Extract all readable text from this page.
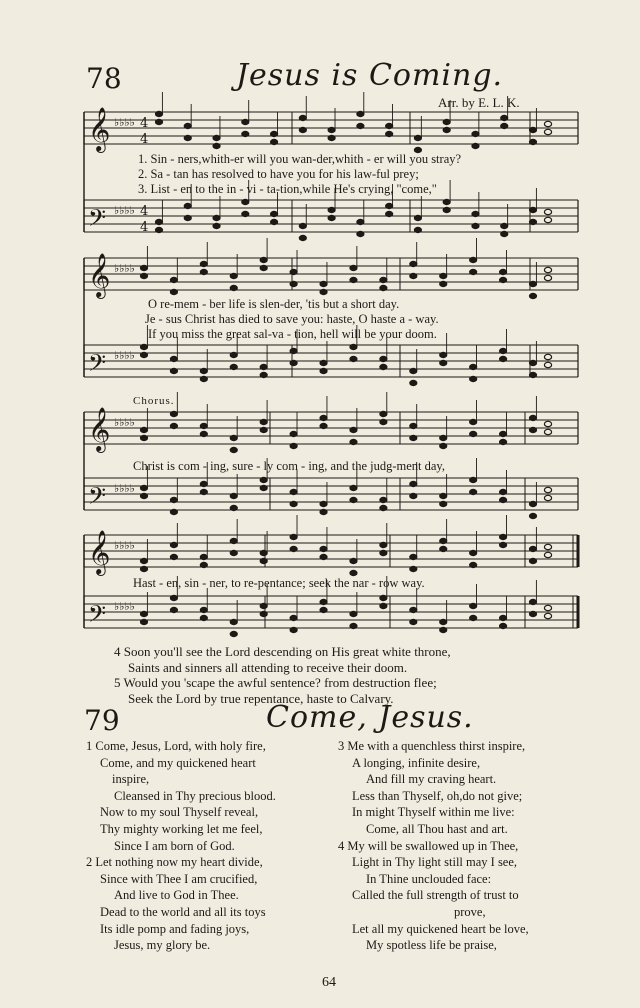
78	Jesus is Coming.
Arr. by E. L. K.
𝄞 ♭♭♭♭ 4
4
𝄢 ♭♭♭♭ 4
4
𝄞 ♭♭♭♭
𝄢 ♭♭♭♭
𝄞 ♭♭♭♭
𝄢 ♭♭♭♭
𝄞 ♭♭♭♭
𝄢 ♭♭♭♭
1. Sin - ners,whith-er will you wan-der,whith - er will you stray?
2. Sa - tan has resolved to have you for his law-ful prey;
3. List - en to the in - vi - ta-tion,while He's crying, "come,"
O re-mem - ber life is slen-der, 'tis but a short day.
Je - sus Christ has died to save you: haste, O haste a - way.
If you miss the great sal-va - tion, hell will be your doom.
Chorus.
Christ is com - ing, sure - ly com - ing, and the judg-ment day,
Hast - en, sin - ner, to re-pentance; seek the nar - row way.
4 Soon you'll see the Lord descending on His great white throne,
Saints and sinners all attending to receive their doom.
5 Would you 'scape the awful sentence? from destruction flee;
Seek the Lord by true repentance, haste to Calvary.
79	Come, Jesus.
1 Come, Jesus, Lord, with holy fire,
Come, and my quickened heart
inspire,
Cleansed in Thy precious blood.
Now to my soul Thyself reveal,
Thy mighty working let me feel,
Since I am born of God.
2 Let nothing now my heart divide,
Since with Thee I am crucified,
And live to God in Thee.
Dead to the world and all its toys
Its idle pomp and fading joys,
Jesus, my glory be.
3 Me with a quenchless thirst inspire,
A longing, infinite desire,
And fill my craving heart.
Less than Thyself, oh,do not give;
In might Thyself within me live:
Come, all Thou hast and art.
4 My will be swallowed up in Thee,
Light in Thy light still may I see,
In Thine unclouded face:
Called the full strength of trust to
prove,
Let all my quickened heart be love,
My spotless life be praise,
64
